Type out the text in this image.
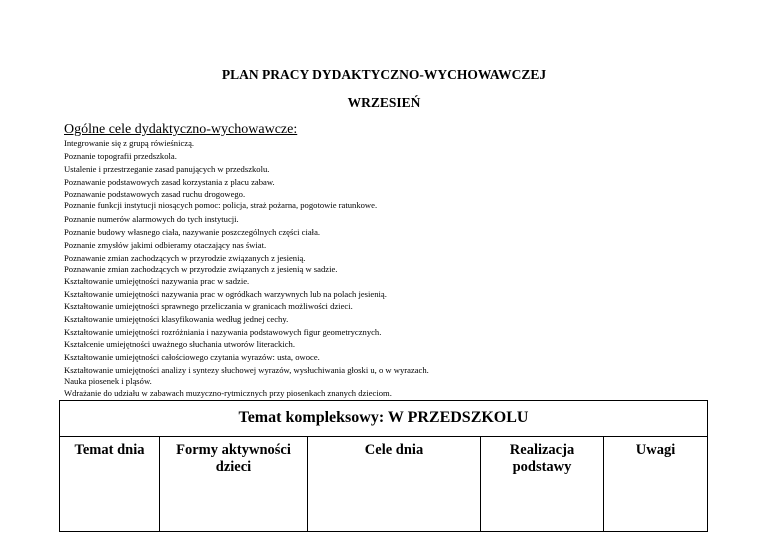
PLAN PRACY DYDAKTYCZNO-WYCHOWAWCZEJ
WRZESIEŃ
Ogólne cele dydaktyczno-wychowawcze:
Integrowanie się z grupą rówieśniczą.
Poznanie topografii przedszkola.
Ustalenie i przestrzeganie zasad panujących w przedszkolu.
Poznawanie podstawowych zasad korzystania z placu zabaw.
Poznawanie podstawowych zasad ruchu drogowego.
Poznanie funkcji instytucji niosących pomoc: policja, straż pożarna, pogotowie ratunkowe.
Poznanie numerów alarmowych do tych instytucji.
Poznanie budowy własnego ciała, nazywanie poszczególnych części ciała.
Poznanie zmysłów jakimi odbieramy otaczający nas świat.
Poznawanie zmian zachodzących w przyrodzie związanych z jesienią.
Poznawanie zmian zachodzących w przyrodzie związanych z jesienią w sadzie.
Kształtowanie umiejętności nazywania prac w sadzie.
Kształtowanie umiejętności nazywania prac w ogródkach warzywnych lub na polach jesienią.
Kształtowanie umiejętności sprawnego przeliczania w granicach możliwości dzieci.
Kształtowanie umiejętności klasyfikowania według jednej cechy.
Kształtowanie umiejętności rozróżniania i nazywania podstawowych figur geometrycznych.
Kształcenie umiejętności uważnego słuchania utworów literackich.
Kształtowanie umiejętności całościowego czytania wyrazów: usta, owoce.
Kształtowanie umiejętności analizy i syntezy słuchowej wyrazów, wysłuchiwania głoski u, o w wyrazach.
Nauka piosenek i pląsów.
Wdrażanie do udziału w zabawach muzyczno-rytmicznych przy piosenkach znanych dzieciom.
Temat kompleksowy: W PRZEDSZKOLU
Temat dnia	Formy aktywności dzieci
Cele dnia	Realizacja podstawy
Uwagi
